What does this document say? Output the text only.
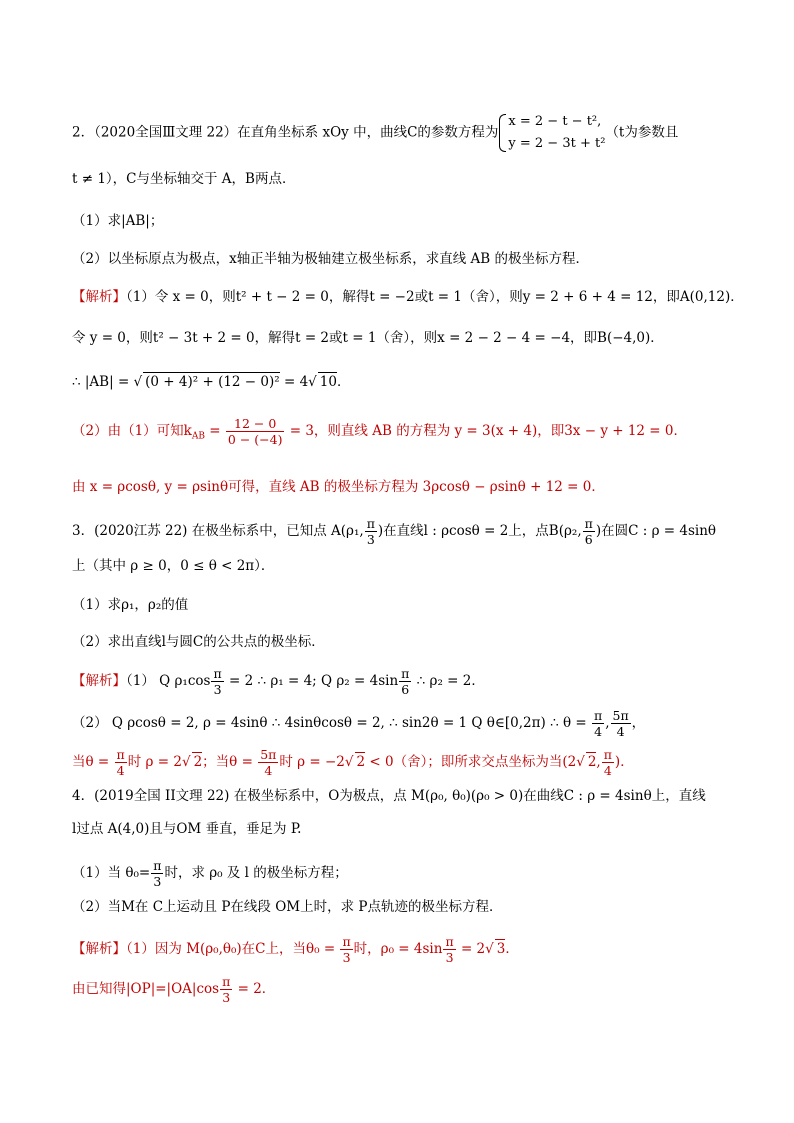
2．（2020全国Ⅲ文理 22）在直角坐标系 xOy 中，曲线C的参数方程为
x = 2 − t − t²,
y = 2 − 3t + t²
（t为参数且
t ≠ 1），C与坐标轴交于 A，B两点．
（1）求|AB|；
（2）以坐标原点为极点，x轴正半轴为极轴建立极坐标系，求直线 AB 的极坐标方程．
【解析】（1）令 x = 0，则t² + t − 2 = 0，解得t = −2或t = 1（舍），则y = 2 + 6 + 4 = 12，即A(0,12)．
令 y = 0，则t² − 3t + 2 = 0，解得t = 2或t = 1（舍），则x = 2 − 2 − 4 = −4，即B(−4,0)．
∴ |AB| = √ (0 + 4)² + (12 − 0)² = 4√ 10．
（2）由（1）可知$k_{AB} = \frac{12 - 0}{0 - (-4)} = 3$，则直线 AB 的方程为 y = 3(x + 4)，即3x − y + 12 = 0．
由 x = ρcosθ, y = ρsinθ可得，直线 AB 的极坐标方程为 3ρcosθ − ρsinθ + 12 = 0．
3．(2020江苏 22) 在极坐标系中，已知点 A(ρ₁, $\frac{\pi}{3}$ )在直线l : ρcosθ = 2上，点B(ρ₂, $\frac{\pi}{6}$ )在圆C : ρ = 4sinθ
上（其中 ρ ≥ 0，0 ≤ θ < 2π）．
（1）求ρ₁，ρ₂的值
（2）求出直线l与圆C的公共点的极坐标．
【解析】（1） Q $\rho_1\cos \frac{\pi}{3} = 2$ ∴ ρ₁ = 4; Q $\rho_2 = 4\sin \frac{\pi}{6}$ ∴ ρ₂ = 2．
（2） Q ρcosθ = 2, ρ = 4sinθ ∴ 4sinθcosθ = 2, ∴ sin2θ = 1 Q θ∈[0,2π) ∴ $\theta = \frac{\pi}{4}$ , $\frac{5\pi}{4}$ ，
当$\theta = \frac{\pi}{4}$ 时 ρ = 2√ 2；当$\theta = \frac{5\pi}{4}$ 时 ρ = −2√ 2 < 0（舍）；即所求交点坐标为当(2√ 2, $\frac{\pi}{4}$ )．
4．(2019全国 II文理 22) 在极坐标系中，O为极点，点 M(ρ₀, θ₀)(ρ₀ > 0)在曲线C : ρ = 4sinθ上，直线
l过点 A(4,0)且与OM 垂直，垂足为 P.
（1）当 $\theta_0= \frac{\pi}{3}$ 时，求 ρ₀ 及 l 的极坐标方程；
（2）当M在 C上运动且 P在线段 OM上时，求 P点轨迹的极坐标方程．
【解析】（1）因为 M(ρ₀,θ₀)在C上，当$\theta_0 = \frac{\pi}{3}$ 时，$\rho_0 = 4\sin \frac{\pi}{3} = 2√$ 3．
由已知得$|OP|=|OA|\cos \frac{\pi}{3} = 2$．
